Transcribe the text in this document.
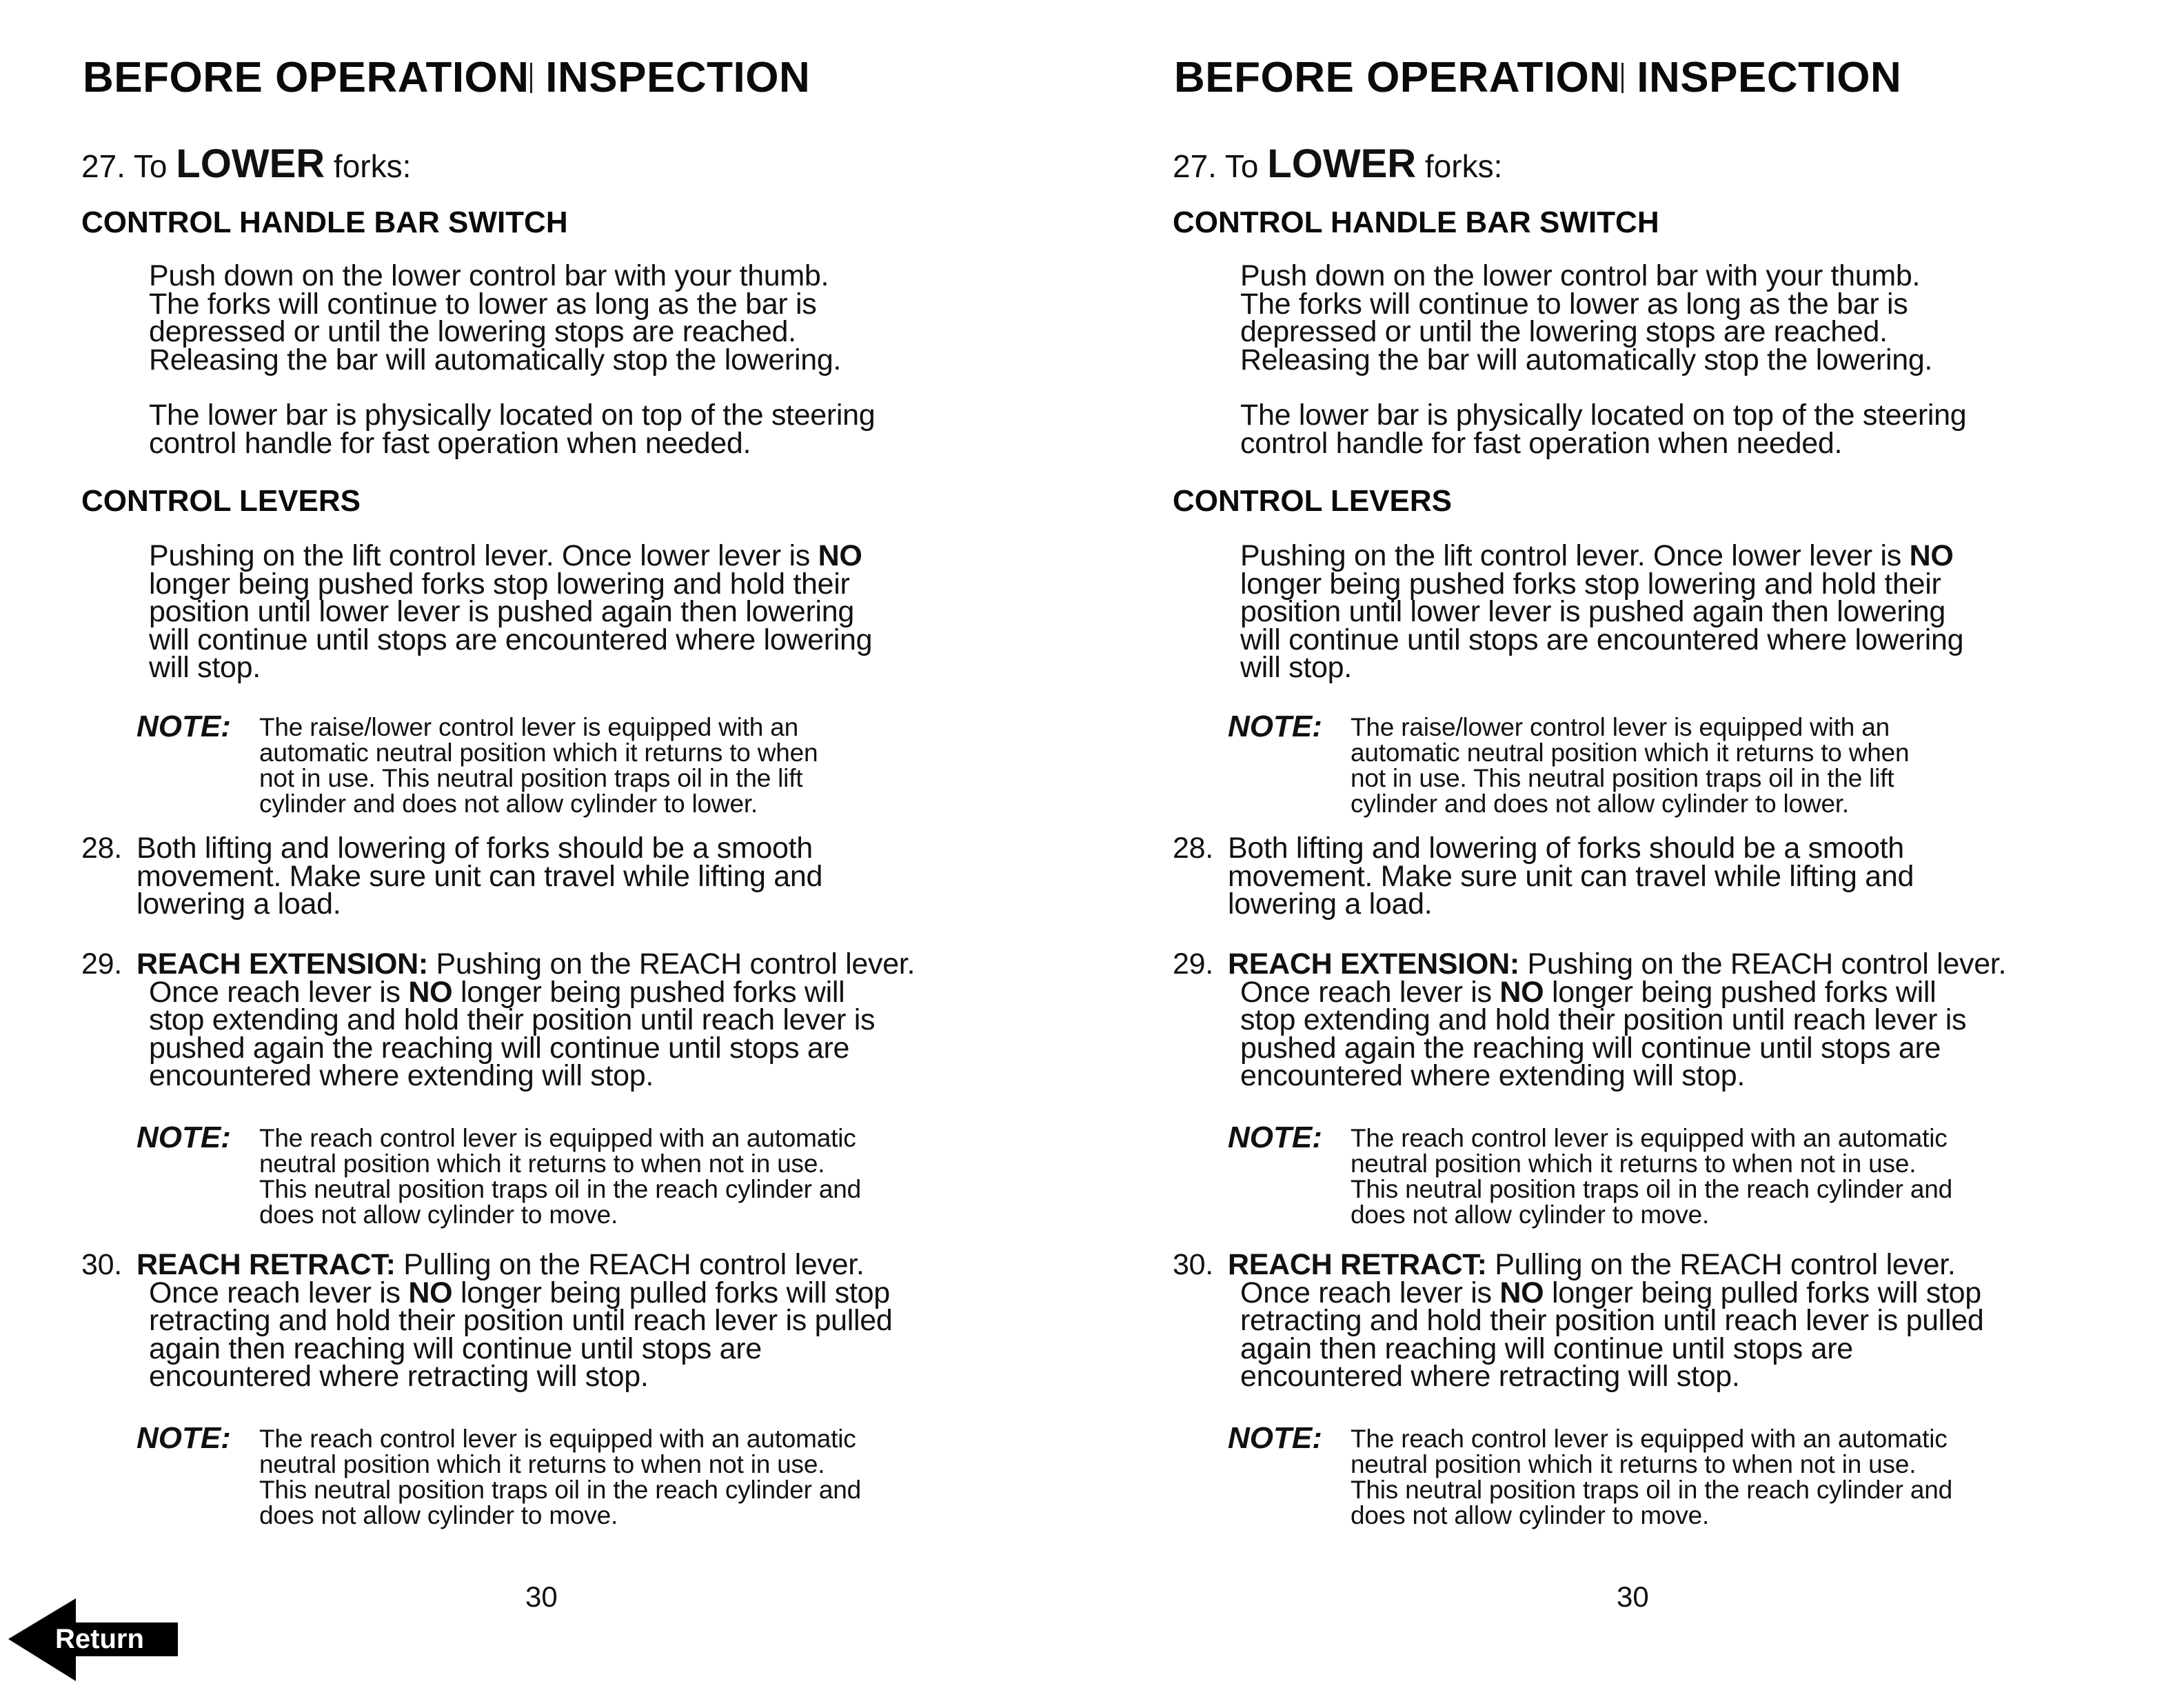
BEFORE OPERATION INSPECTION
27. To LOWER forks:
CONTROL HANDLE BAR SWITCH
Push down on the lower control bar with your thumb.
The forks will continue to lower as long as the bar is
depressed or until the lowering stops are reached.
Releasing the bar will automatically stop the lowering.
The lower bar is physically located on top of the steering
control handle for fast operation when needed.
CONTROL LEVERS
Pushing on the lift control lever. Once lower lever is NO
longer being pushed forks stop lowering and hold their
position until lower lever is pushed again then lowering
will continue until stops are encountered where lowering
will stop.
NOTE: The raise/lower control lever is equipped with an
automatic neutral position which it returns to when
not in use. This neutral position traps oil in the lift
cylinder and does not allow cylinder to lower.
28. Both lifting and lowering of forks should be a smooth
movement. Make sure unit can travel while lifting and
lowering a load.
29. REACH EXTENSION: Pushing on the REACH control lever.
Once reach lever is NO longer being pushed forks will
stop extending and hold their position until reach lever is
pushed again the reaching will continue until stops are
encountered where extending will stop.
NOTE: The reach control lever is equipped with an automatic
neutral position which it returns to when not in use.
This neutral position traps oil in the reach cylinder and
does not allow cylinder to move.
30. REACH RETRACT: Pulling on the REACH control lever.
Once reach lever is NO longer being pulled forks will stop
retracting and hold their position until reach lever is pulled
again then reaching will continue until stops are
encountered where retracting will stop.
NOTE: The reach control lever is equipped with an automatic
neutral position which it returns to when not in use.
This neutral position traps oil in the reach cylinder and
does not allow cylinder to move.
30
BEFORE OPERATION INSPECTION
27. To LOWER forks:
CONTROL HANDLE BAR SWITCH
Push down on the lower control bar with your thumb.
The forks will continue to lower as long as the bar is
depressed or until the lowering stops are reached.
Releasing the bar will automatically stop the lowering.
The lower bar is physically located on top of the steering
control handle for fast operation when needed.
CONTROL LEVERS
Pushing on the lift control lever. Once lower lever is NO
longer being pushed forks stop lowering and hold their
position until lower lever is pushed again then lowering
will continue until stops are encountered where lowering
will stop.
NOTE: The raise/lower control lever is equipped with an
automatic neutral position which it returns to when
not in use. This neutral position traps oil in the lift
cylinder and does not allow cylinder to lower.
28. Both lifting and lowering of forks should be a smooth
movement. Make sure unit can travel while lifting and
lowering a load.
29. REACH EXTENSION: Pushing on the REACH control lever.
Once reach lever is NO longer being pushed forks will
stop extending and hold their position until reach lever is
pushed again the reaching will continue until stops are
encountered where extending will stop.
NOTE: The reach control lever is equipped with an automatic
neutral position which it returns to when not in use.
This neutral position traps oil in the reach cylinder and
does not allow cylinder to move.
30. REACH RETRACT: Pulling on the REACH control lever.
Once reach lever is NO longer being pulled forks will stop
retracting and hold their position until reach lever is pulled
again then reaching will continue until stops are
encountered where retracting will stop.
NOTE: The reach control lever is equipped with an automatic
neutral position which it returns to when not in use.
This neutral position traps oil in the reach cylinder and
does not allow cylinder to move.
30
Return
